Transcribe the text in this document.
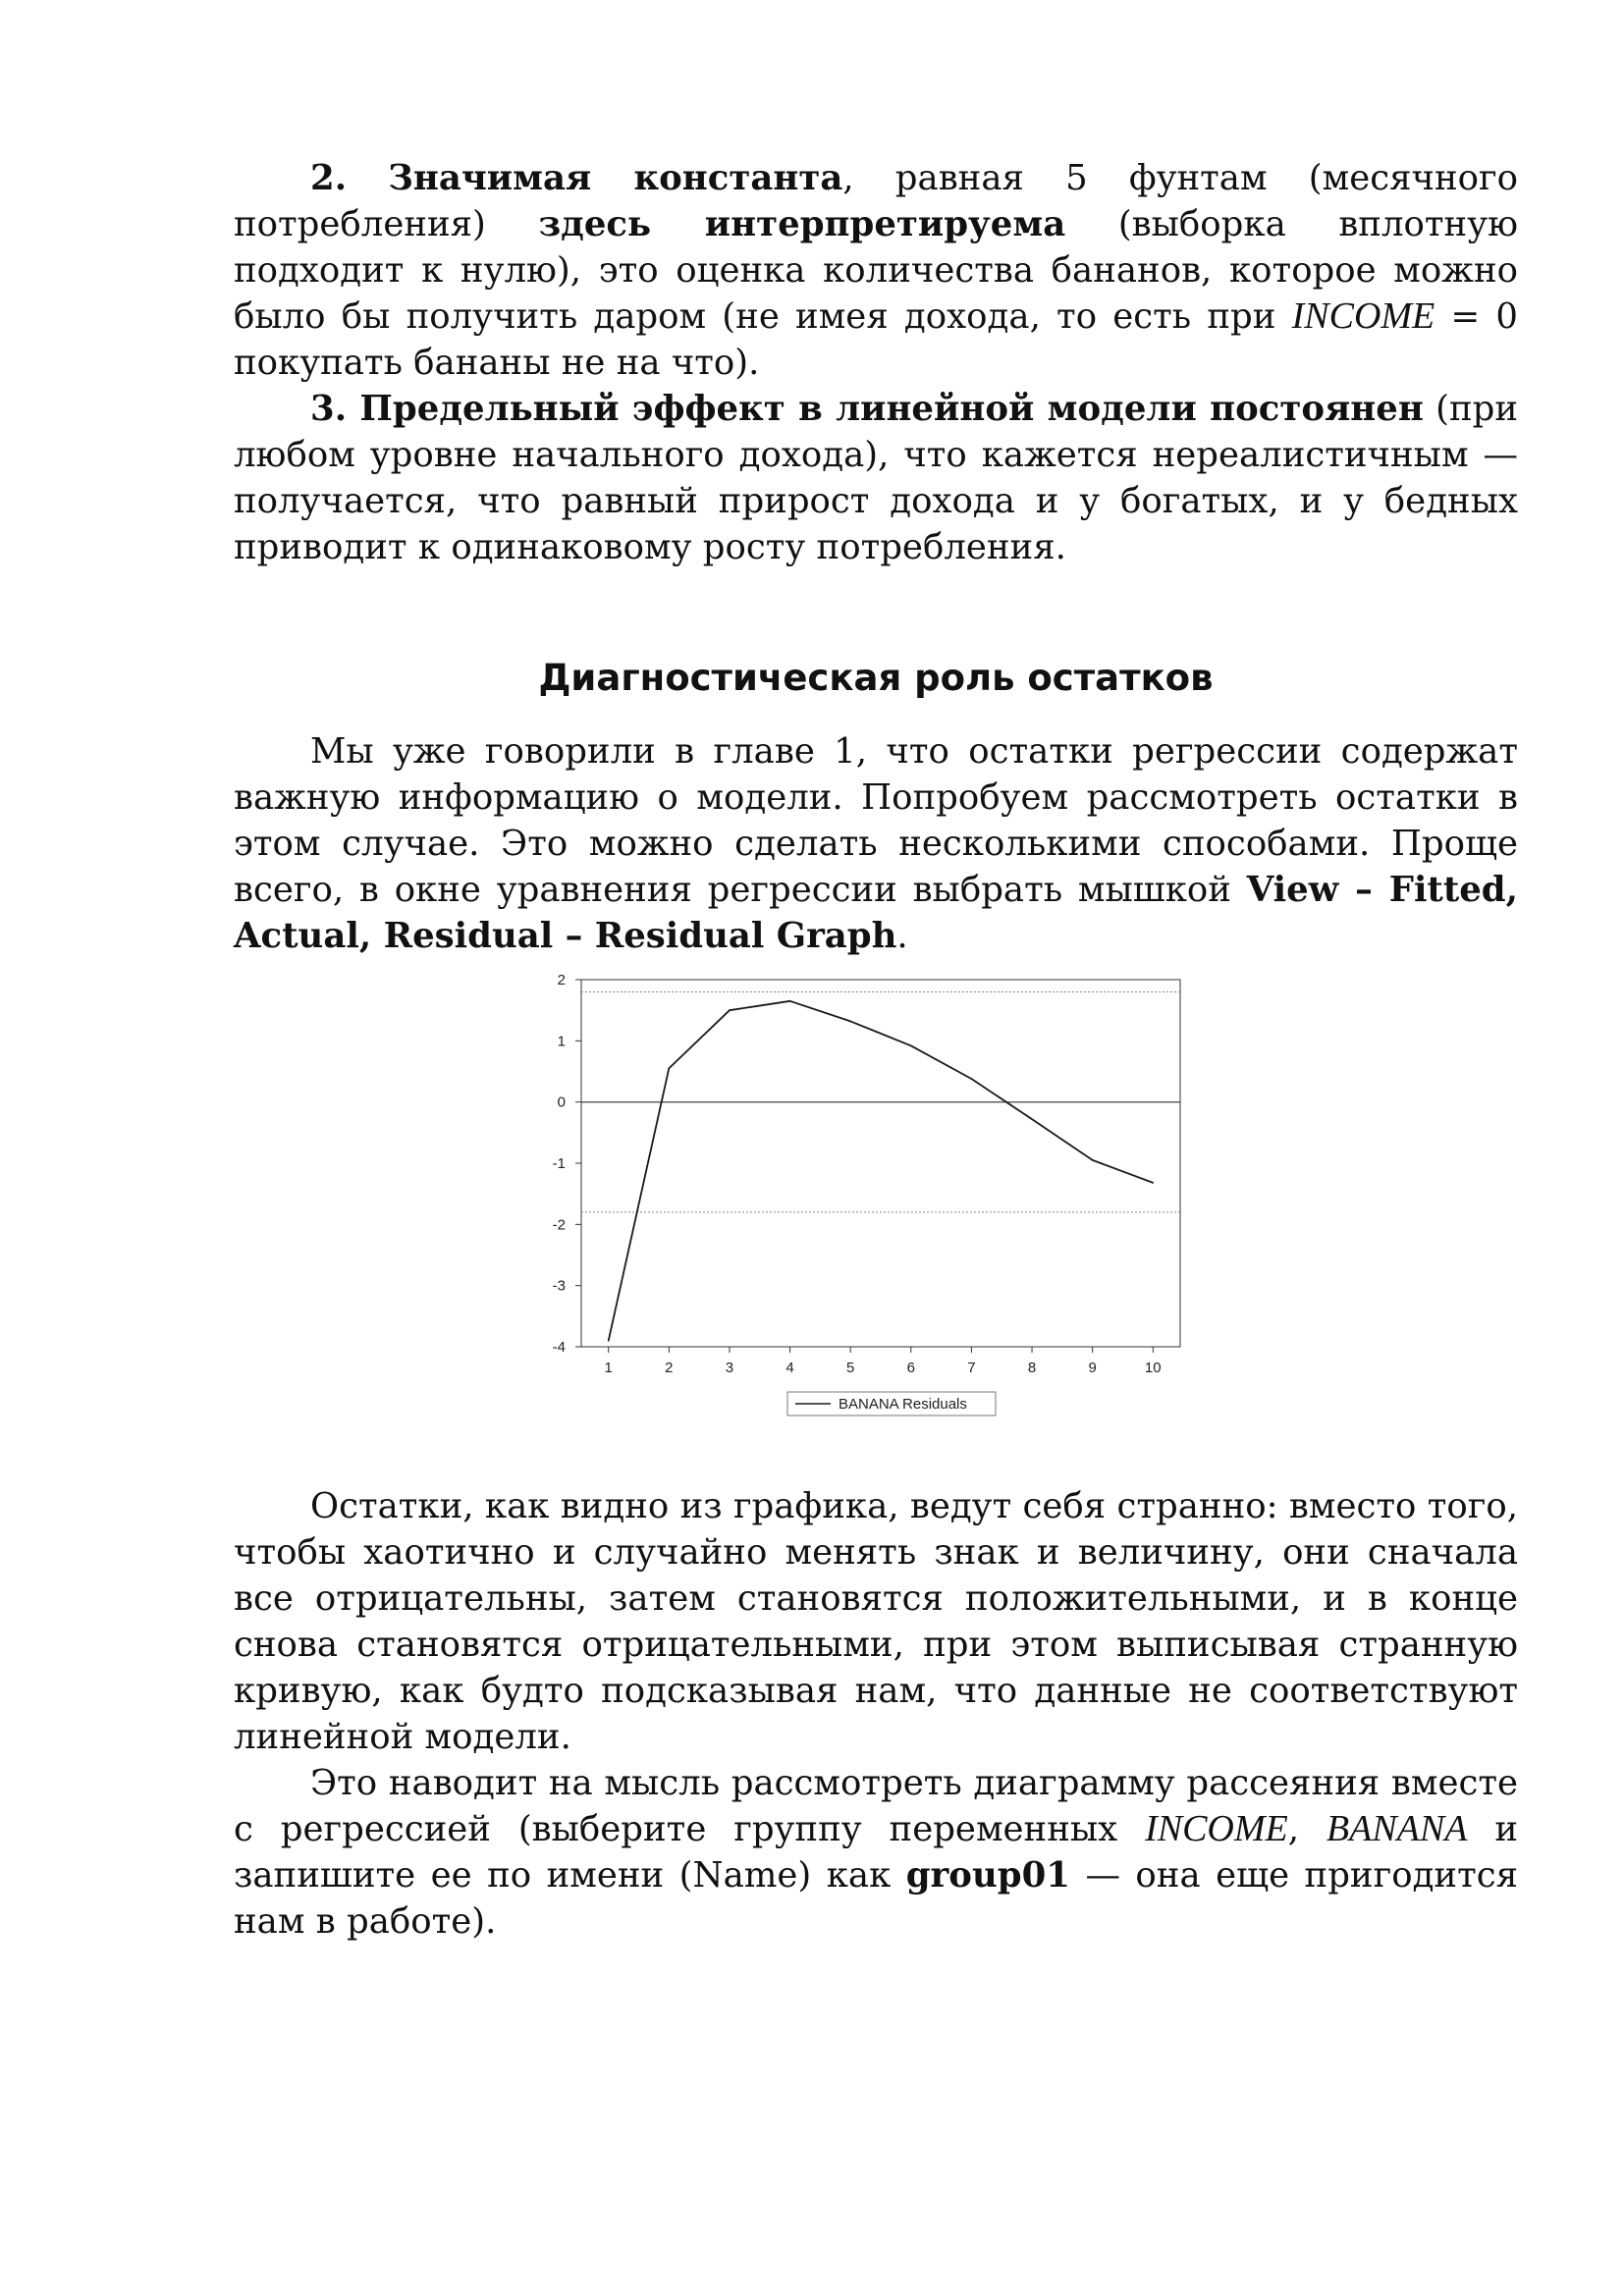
2. Значимая константа, равная 5 фунтам (месячного потребления) здесь интерпретируема (выборка вплотную подходит к нулю), это оценка количества бананов, которое можно было бы получить даром (не имея дохода, то есть при INCOME = 0 покупать бананы не на что).

3. Предельный эффект в линейной модели постоянен (при любом уровне начального дохода), что кажется нереалистичным — получается, что равный прирост дохода и у богатых, и у бедных приводит к одинаковому росту потребления.

Диагностическая роль остатков

Мы уже говорили в главе 1, что остатки регрессии содержат важную информацию о модели. Попробуем рассмотреть остатки в этом случае. Это можно сделать несколькими способами. Проще всего, в окне уравнения регрессии выбрать мышкой View – Fitted, Actual, Residual – Residual Graph.

Остатки, как видно из графика, ведут себя странно: вместо того, чтобы хаотично и случайно менять знак и величину, они сначала все отрицательны, затем становятся положительными, и в конце снова становятся отрицательными, при этом выписывая странную кривую, как будто подсказывая нам, что данные не соответствуют линейной модели.

Это наводит на мысль рассмотреть диаграмму рассеяния вместе с регрессией (выберите группу переменных INCOME, BANANA и запишите ее по имени (Name) как group01 — она еще пригодится нам в работе).

2
1
0
-1
-2
-3
-4
1	2	3	4	5	6	7	8	9	10
BANANA Residuals
